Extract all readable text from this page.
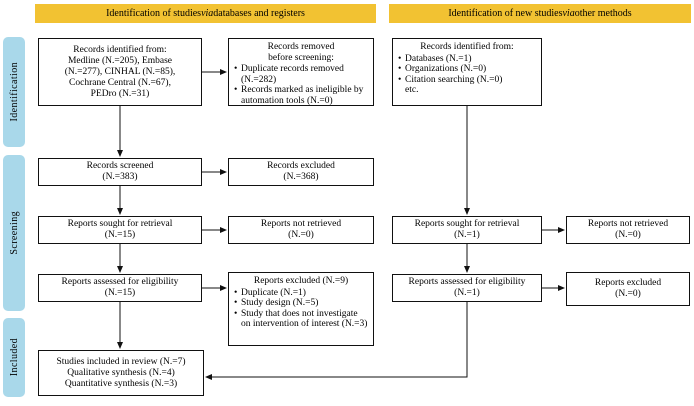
Identification of studies via databases and registers	Identification of new studies via other methods
Identification
Screening
Included
Records identified from:
Medline (N.=205), Embase
(N.=277), CINHAL (N.=85),
Cochrane Central (N.=67),
PEDro (N.=31)
Records screened
(N.=383)
Reports sought for retrieval
(N.=15)
Reports assessed for eligibility
(N.=15)
Studies included in review (N.=7)
Qualitative synthesis (N.=4)
Quantitative synthesis (N.=3)
Records removed
before screening:
• Duplicate records removed (N.=282)
• Records marked as ineligible by automation tools (N.=0)
Records excluded
(N.=368)
Reports not retrieved
(N.=0)
Reports excluded (N.=9)
• Duplicate (N.=1)
• Study design (N.=5)
• Study that does not investigate on intervention of interest (N.=3)
Records identified from:
• Databases (N.=1)
• Organizations (N.=0)
• Citation searching (N.=0)
etc.
Reports sought for retrieval
(N.=1)
Reports assessed for eligibility
(N.=1)
Reports not retrieved
(N.=0)
Reports excluded
(N.=0)
